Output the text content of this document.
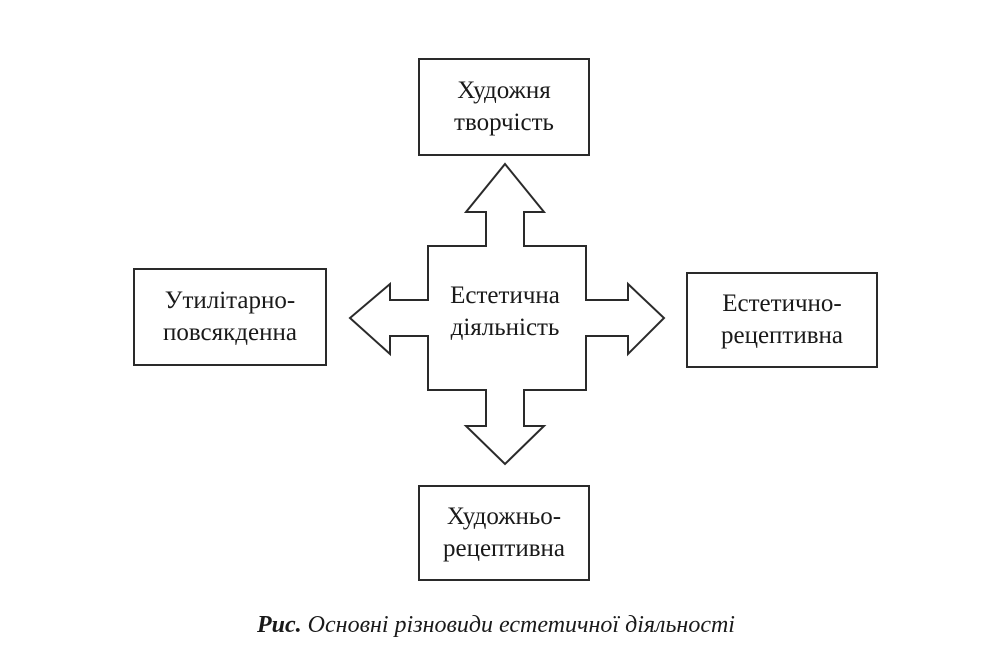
Естетична
діяльність
Художня
творчість
Утилітарно-
повсякденна
Естетично-
рецептивна
Художньо-
рецептивна
Рис. Основні різновиди естетичної діяльності
